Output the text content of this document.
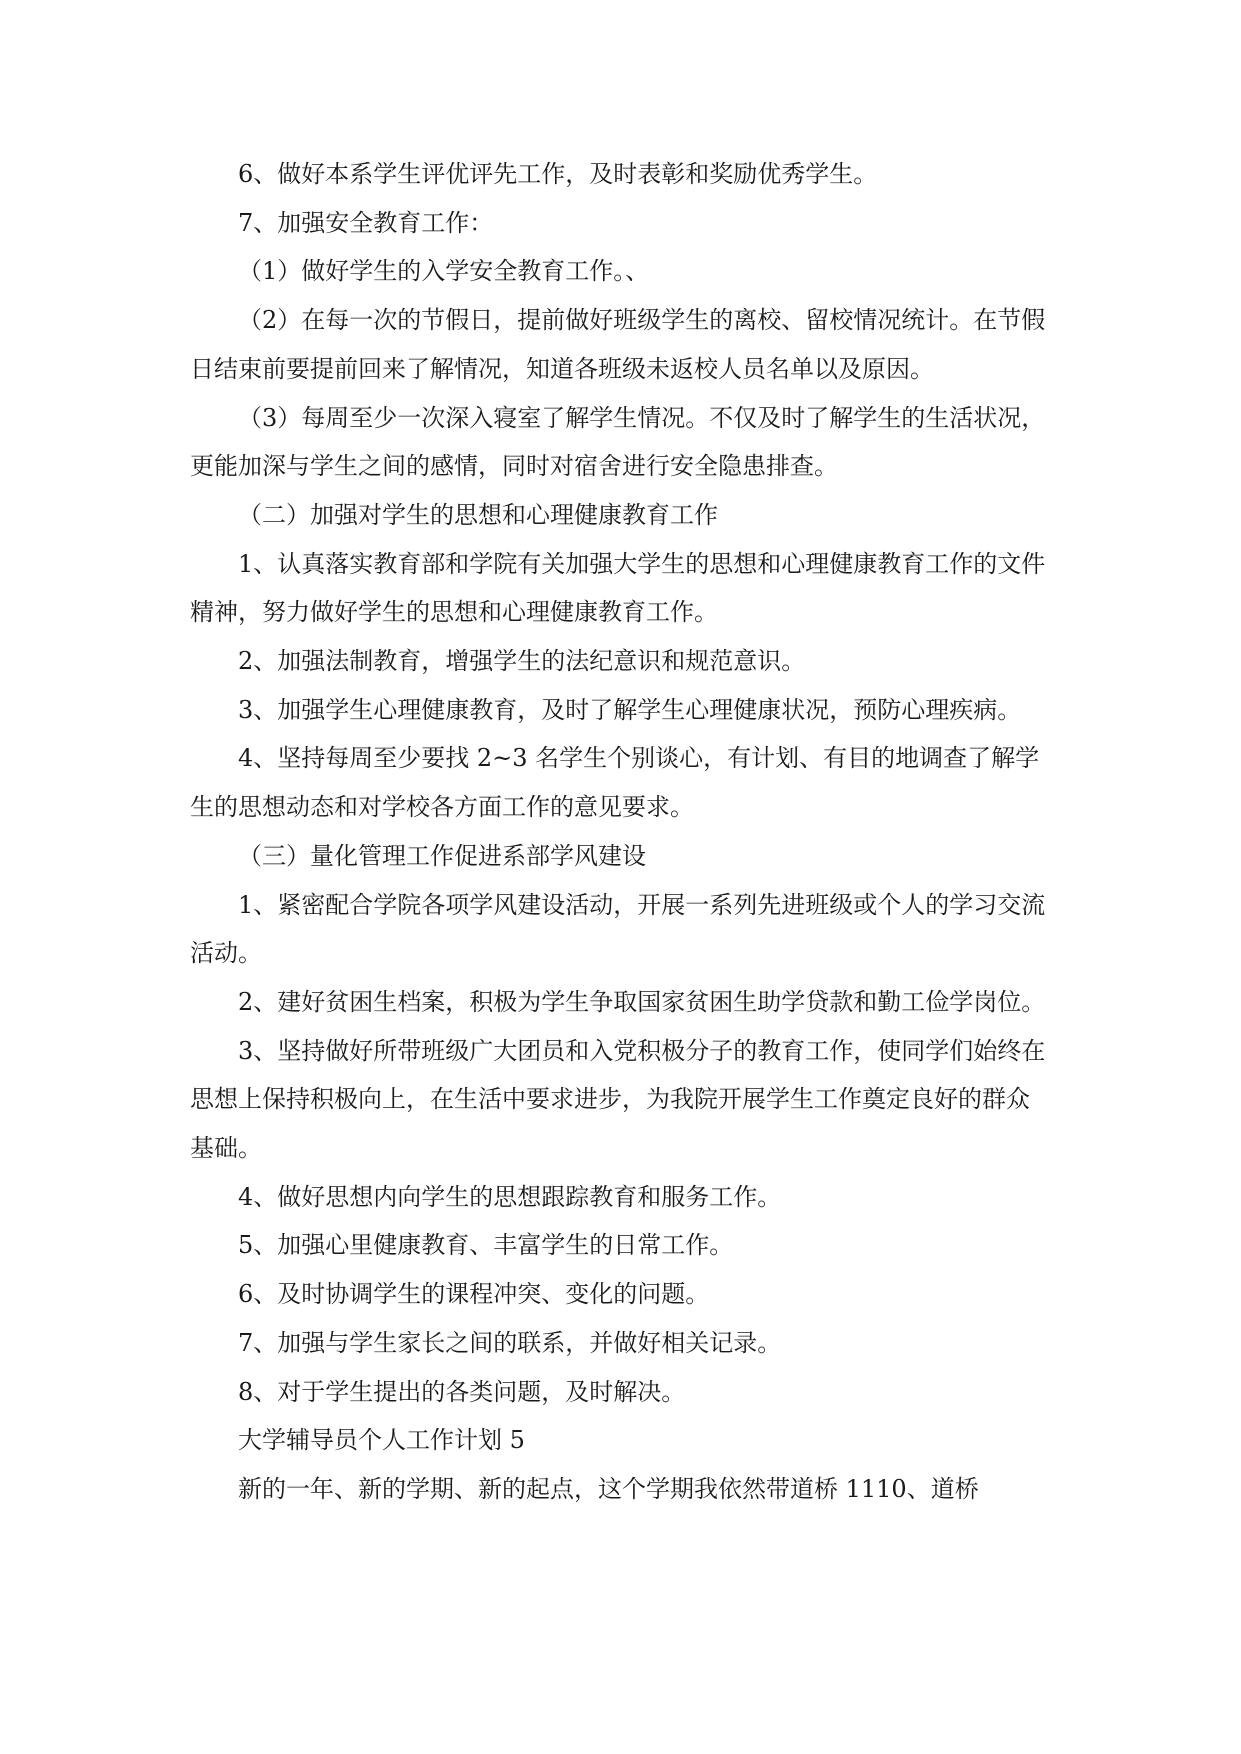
6、做好本系学生评优评先工作，及时表彰和奖励优秀学生。

7、加强安全教育工作：

（1）做好学生的入学安全教育工作。、

（2）在每一次的节假日，提前做好班级学生的离校、留校情况统计。在节假日结束前要提前回来了解情况，知道各班级未返校人员名单以及原因。

（3）每周至少一次深入寝室了解学生情况。不仅及时了解学生的生活状况，更能加深与学生之间的感情，同时对宿舍进行安全隐患排查。

（二）加强对学生的思想和心理健康教育工作

1、认真落实教育部和学院有关加强大学生的思想和心理健康教育工作的文件精神，努力做好学生的思想和心理健康教育工作。

2、加强法制教育，增强学生的法纪意识和规范意识。

3、加强学生心理健康教育，及时了解学生心理健康状况，预防心理疾病。

4、坚持每周至少要找 2~3 名学生个别谈心，有计划、有目的地调查了解学生的思想动态和对学校各方面工作的意见要求。

（三）量化管理工作促进系部学风建设

1、紧密配合学院各项学风建设活动，开展一系列先进班级或个人的学习交流活动。

2、建好贫困生档案，积极为学生争取国家贫困生助学贷款和勤工俭学岗位。

3、坚持做好所带班级广大团员和入党积极分子的教育工作，使同学们始终在思想上保持积极向上，在生活中要求进步，为我院开展学生工作奠定良好的群众基础。

4、做好思想内向学生的思想跟踪教育和服务工作。

5、加强心里健康教育、丰富学生的日常工作。

6、及时协调学生的课程冲突、变化的问题。

7、加强与学生家长之间的联系，并做好相关记录。

8、对于学生提出的各类问题，及时解决。

大学辅导员个人工作计划 5

新的一年、新的学期、新的起点，这个学期我依然带道桥 1110、道桥
